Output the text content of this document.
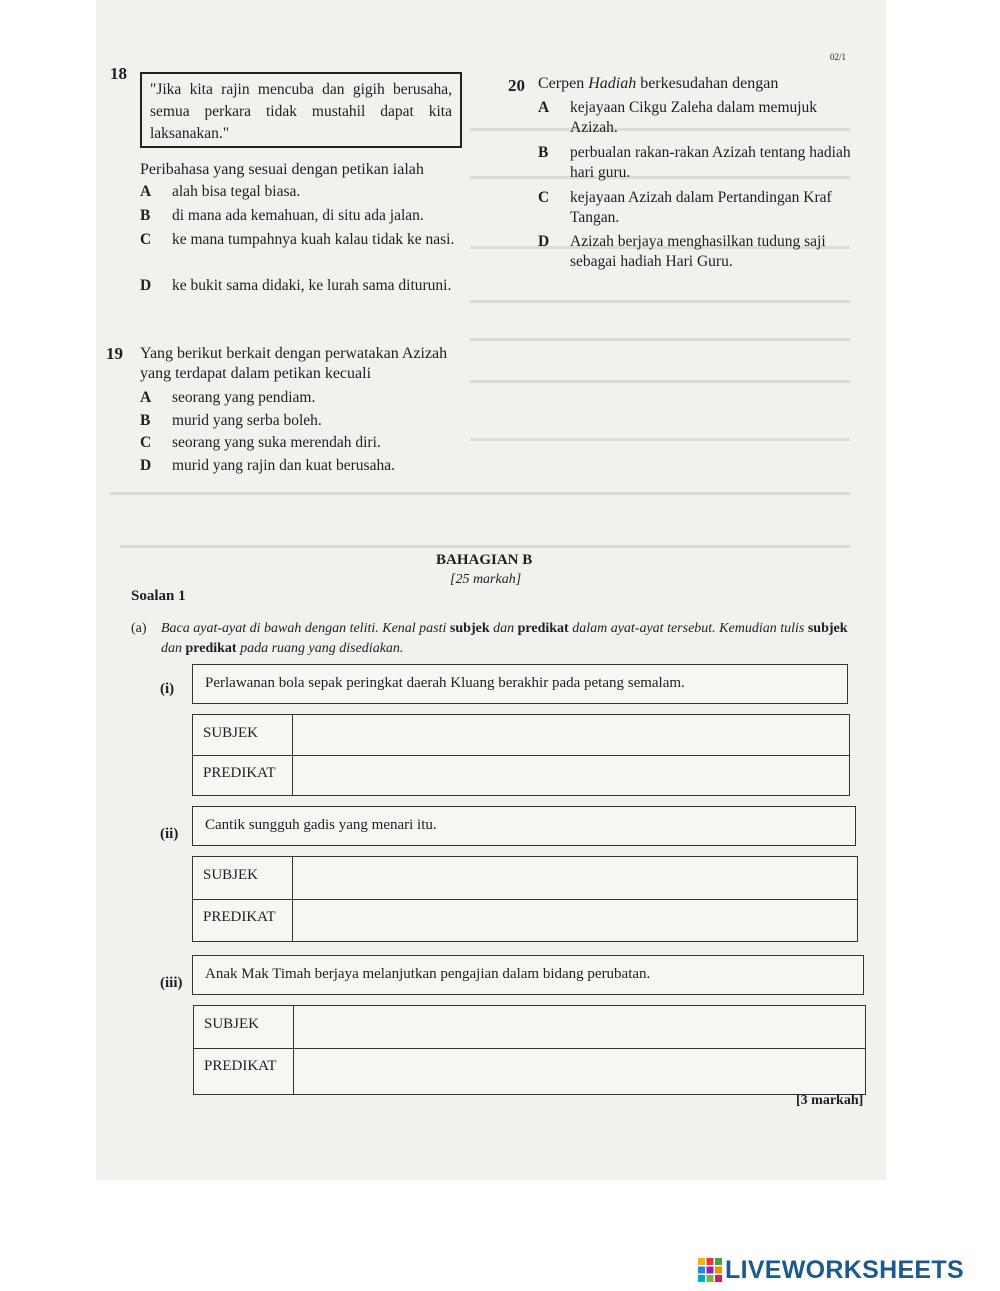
02/1
18
"Jika kita rajin mencuba dan gigih berusaha, semua perkara tidak mustahil dapat kita laksanakan."
Peribahasa yang sesuai dengan petikan ialah
A alah bisa tegal biasa.
B di mana ada kemahuan, di situ ada jalan.
C ke mana tumpahnya kuah kalau tidak ke nasi.
D ke bukit sama didaki, ke lurah sama dituruni.
19 Yang berikut berkait dengan perwatakan Azizah yang terdapat dalam petikan kecuali
A seorang yang pendiam.
B murid yang serba boleh.
C seorang yang suka merendah diri.
D murid yang rajin dan kuat berusaha.
20 Cerpen Hadiah berkesudahan dengan
A kejayaan Cikgu Zaleha dalam memujuk Azizah.
B perbualan rakan-rakan Azizah tentang hadiah hari guru.
C kejayaan Azizah dalam Pertandingan Kraf Tangan.
D Azizah berjaya menghasilkan tudung saji sebagai hadiah Hari Guru.
BAHAGIAN B
[25 markah]
Soalan 1
(a) Baca ayat-ayat di bawah dengan teliti. Kenal pasti subjek dan predikat dalam ayat-ayat tersebut. Kemudian tulis subjek dan predikat pada ruang yang disediakan.
(i)	Perlawanan bola sepak peringkat daerah Kluang berakhir pada petang semalam.
SUBJEK
PREDIKAT
(ii)
Cantik sungguh gadis yang menari itu.
SUBJEK
PREDIKAT
(iii)
Anak Mak Timah berjaya melanjutkan pengajian dalam bidang perubatan.
SUBJEK
PREDIKAT
[3 markah]
LIVEWORKSHEETS
